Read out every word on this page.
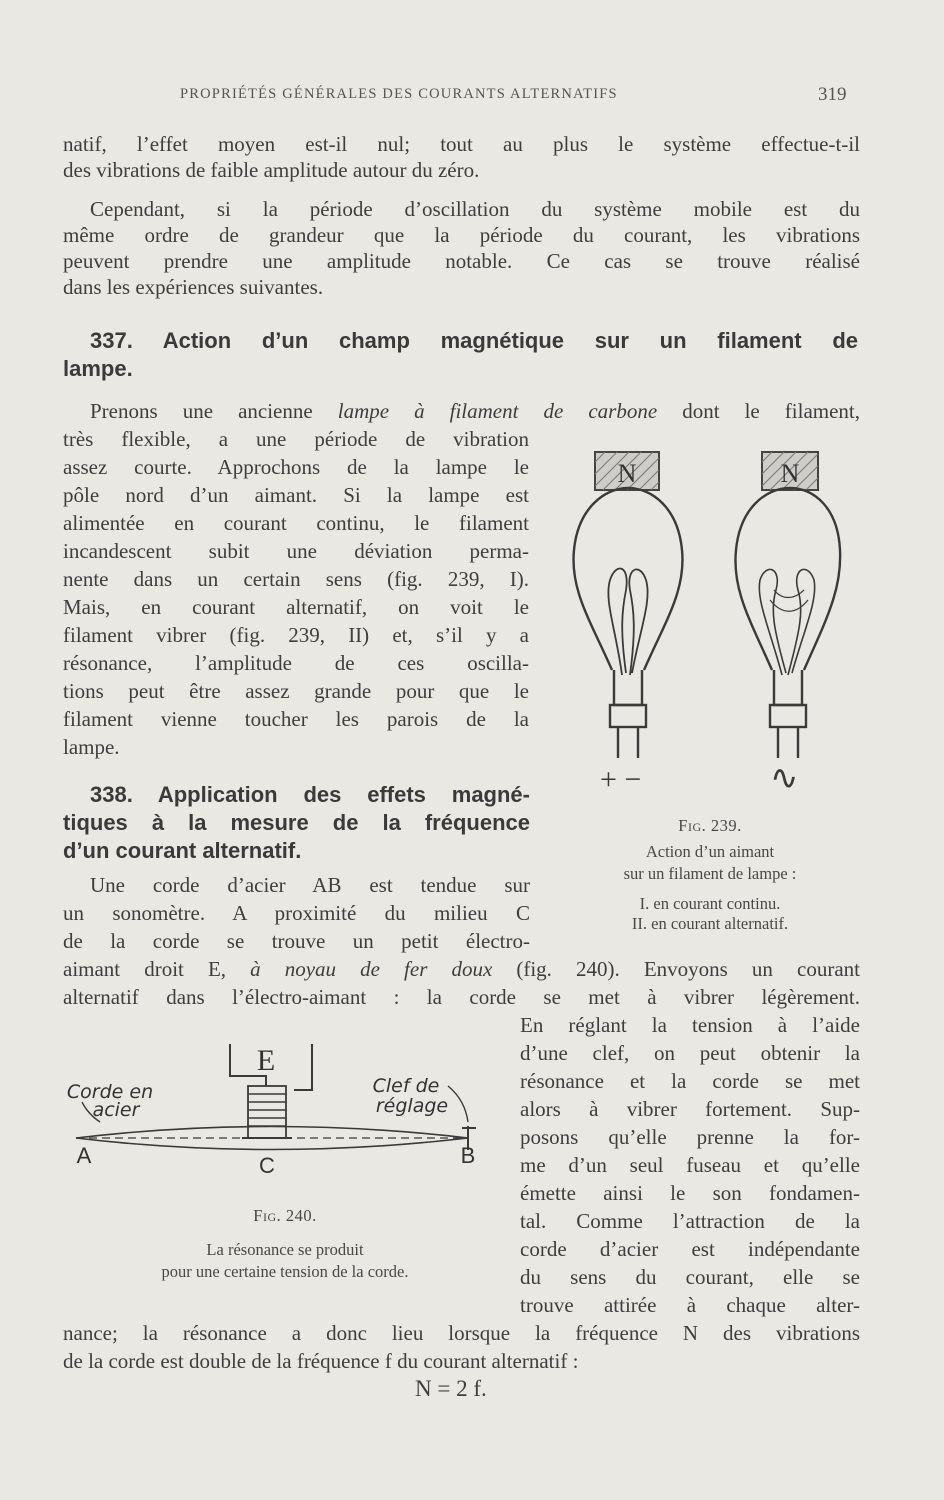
PROPRIÉTÉS GÉNÉRALES DES COURANTS ALTERNATIFS	319
natif, l’effet moyen est-il nul; tout au plus le système effectue-t-il
des vibrations de faible amplitude autour du zéro.
Cependant, si la période d’oscillation du système mobile est du
même ordre de grandeur que la période du courant, les vibrations
peuvent prendre une amplitude notable. Ce cas se trouve réalisé
dans les expériences suivantes.
337. Action d’un champ magnétique sur un filament de
lampe.
Prenons une ancienne lampe à filament de carbone dont le filament,
très flexible, a une période de vibration
assez courte. Approchons de la lampe le
pôle nord d’un aimant. Si la lampe est
alimentée en courant continu, le filament
incandescent subit une déviation perma-
nente dans un certain sens (fig. 239, I).
Mais, en courant alternatif, on voit le
filament vibrer (fig. 239, II) et, s’il y a
résonance, l’amplitude de ces oscilla-
tions peut être assez grande pour que le
filament vienne toucher les parois de la
lampe.
N	N
+ −	∿
Fig. 239.
Action d’un aimant
sur un filament de lampe :
I. en courant continu.
II. en courant alternatif.
338. Application des effets magné-
tiques à la mesure de la fréquence
d’un courant alternatif.
Une corde d’acier AB est tendue sur
un sonomètre. A proximité du milieu C
de la corde se trouve un petit électro-
aimant droit E, à noyau de fer doux (fig. 240). Envoyons un courant
alternatif dans l’électro-aimant : la corde se met à vibrer légèrement.
En réglant la tension à l’aide
d’une clef, on peut obtenir la
résonance et la corde se met
alors à vibrer fortement. Sup-
posons qu’elle prenne la for-
me d’un seul fuseau et qu’elle
émette ainsi le son fondamen-
tal. Comme l’attraction de la
corde d’acier est indépendante
du sens du courant, elle se
trouve attirée à chaque alter-
nance; la résonance a donc lieu lorsque la fréquence N des vibrations
de la corde est double de la fréquence f du courant alternatif :
E
Corde en
acier
Clef de
réglage
A	C	B
Fig. 240.
La résonance se produit
pour une certaine tension de la corde.
N = 2 f.
